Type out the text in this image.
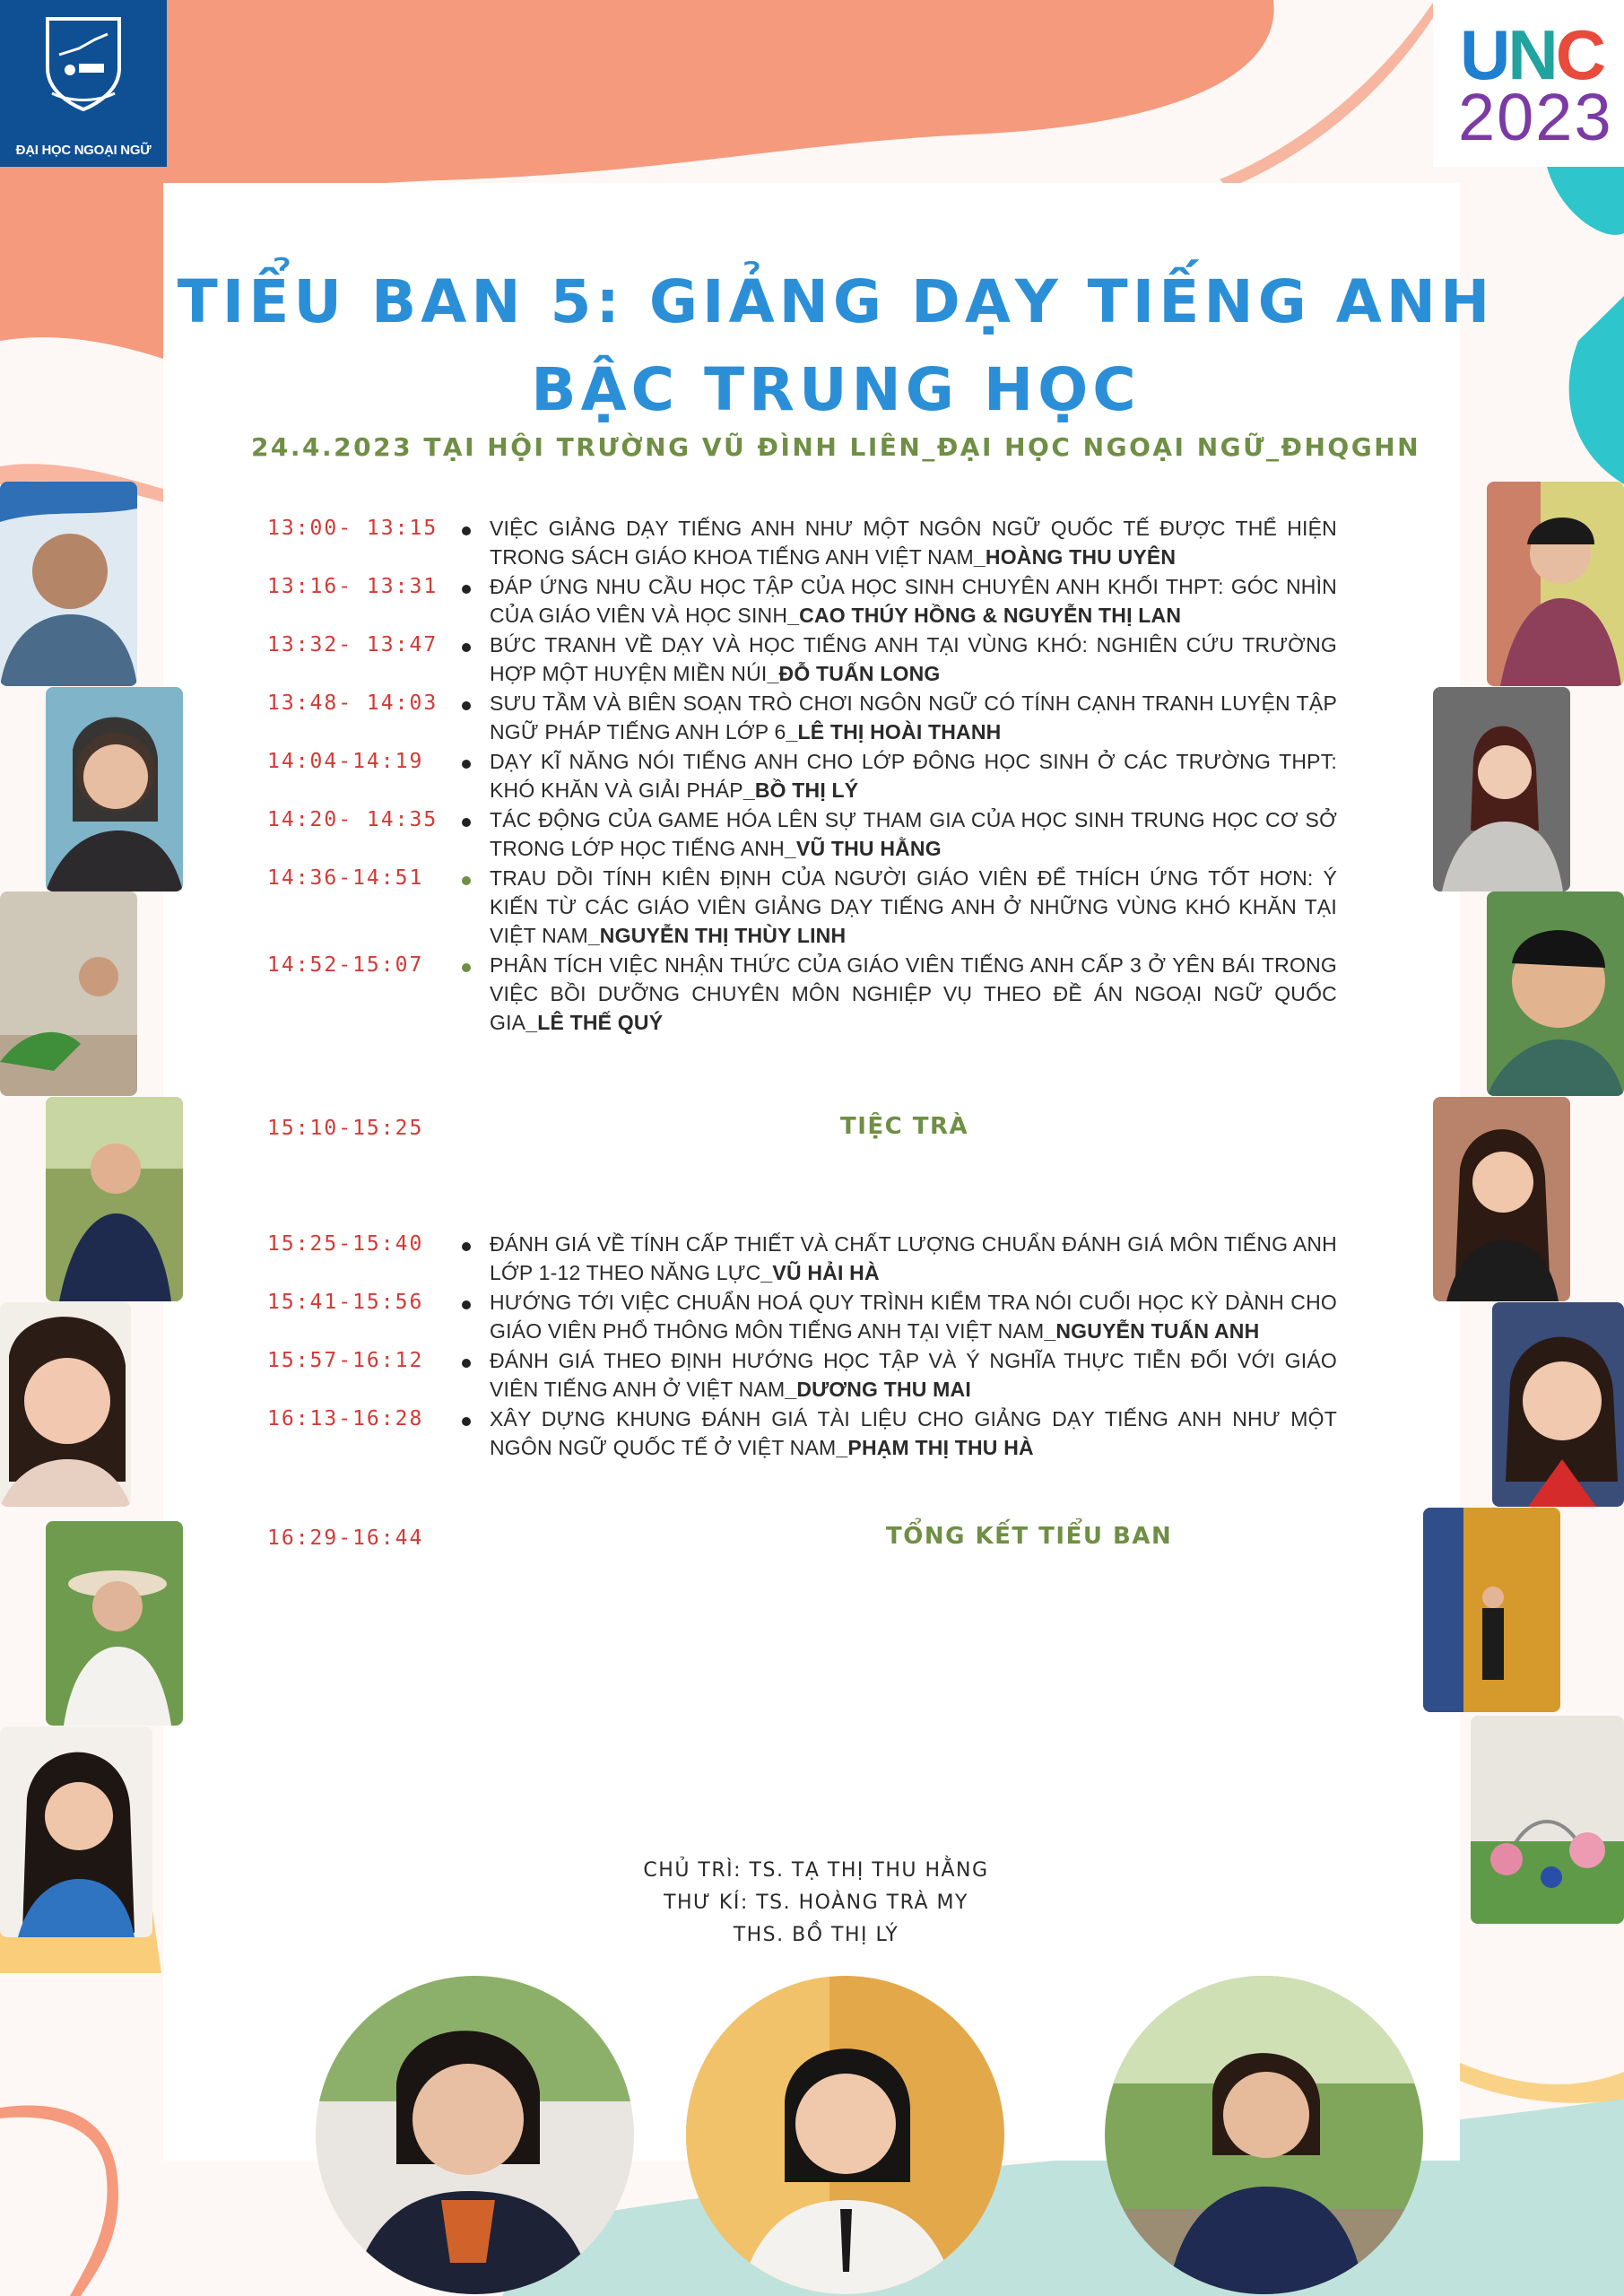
ĐẠI HỌC NGOẠI NGỮ
UNC
2023
TIỂU BAN 5: GIẢNG DẠY TIẾNG ANH
BẬC TRUNG HỌC
24.4.2023 TẠI HỘI TRƯỜNG VŨ ĐÌNH LIÊN_ĐẠI HỌC NGOẠI NGỮ_ĐHQGHN
13:00- 13:15	VIỆC GIẢNG DẠY TIẾNG ANH NHƯ MỘT NGÔN NGỮ QUỐC TẾ ĐƯỢC THỂ HIỆN TRONG SÁCH GIÁO KHOA TIẾNG ANH VIỆT NAM_HOÀNG THU UYÊN
13:16- 13:31	ĐÁP ỨNG NHU CẦU HỌC TẬP CỦA HỌC SINH CHUYÊN ANH KHỐI THPT: GÓC NHÌN CỦA GIÁO VIÊN VÀ HỌC SINH_CAO THÚY HỒNG & NGUYỄN THỊ LAN
13:32- 13:47	BỨC TRANH VỀ DẠY VÀ HỌC TIẾNG ANH TẠI VÙNG KHÓ: NGHIÊN CỨU TRƯỜNG HỢP MỘT HUYỆN MIỀN NÚI_ĐỖ TUẤN LONG
13:48- 14:03	SƯU TẦM VÀ BIÊN SOẠN TRÒ CHƠI NGÔN NGỮ CÓ TÍNH CẠNH TRANH LUYỆN TẬP NGỮ PHÁP TIẾNG ANH LỚP 6_LÊ THỊ HOÀI THANH
14:04-14:19	DẠY KĨ NĂNG NÓI TIẾNG ANH CHO LỚP ĐÔNG HỌC SINH Ở CÁC TRƯỜNG THPT: KHÓ KHĂN VÀ GIẢI PHÁP_BỒ THỊ LÝ
14:20- 14:35	TÁC ĐỘNG CỦA GAME HÓA LÊN SỰ THAM GIA CỦA HỌC SINH TRUNG HỌC CƠ SỞ TRONG LỚP HỌC TIẾNG ANH_VŨ THU HẰNG
14:36-14:51	TRAU DỒI TÍNH KIÊN ĐỊNH CỦA NGƯỜI GIÁO VIÊN ĐỂ THÍCH ỨNG TỐT HƠN: Ý KIẾN TỪ CÁC GIÁO VIÊN GIẢNG DẠY TIẾNG ANH Ở NHỮNG VÙNG KHÓ KHĂN TẠI VIỆT NAM_NGUYỄN THỊ THÙY LINH
14:52-15:07	PHÂN TÍCH VIỆC NHẬN THỨC CỦA GIÁO VIÊN TIẾNG ANH CẤP 3 Ở YÊN BÁI TRONG VIỆC BỒI DƯỠNG CHUYÊN MÔN NGHIỆP VỤ THEO ĐỀ ÁN NGOẠI NGỮ QUỐC GIA_LÊ THẾ QUÝ
15:10-15:25	TIỆC TRÀ
15:25-15:40	ĐÁNH GIÁ VỀ TÍNH CẤP THIẾT VÀ CHẤT LƯỢNG CHUẨN ĐÁNH GIÁ MÔN TIẾNG ANH LỚP 1-12 THEO NĂNG LỰC_VŨ HẢI HÀ
15:41-15:56	HƯỚNG TỚI VIỆC CHUẨN HOÁ QUY TRÌNH KIỂM TRA NÓI CUỐI HỌC KỲ DÀNH CHO GIÁO VIÊN PHỔ THÔNG MÔN TIẾNG ANH TẠI VIỆT NAM_NGUYỄN TUẤN ANH
15:57-16:12	ĐÁNH GIÁ THEO ĐỊNH HƯỚNG HỌC TẬP VÀ Ý NGHĨA THỰC TIỄN ĐỐI VỚI GIÁO VIÊN TIẾNG ANH Ở VIỆT NAM_DƯƠNG THU MAI
16:13-16:28	XÂY DỰNG KHUNG ĐÁNH GIÁ TÀI LIỆU CHO GIẢNG DẠY TIẾNG ANH NHƯ MỘT NGÔN NGỮ QUỐC TẾ Ở VIỆT NAM_PHẠM THỊ THU HÀ
16:29-16:44	TỔNG KẾT TIỂU BAN
CHỦ TRÌ: TS. TẠ THỊ THU HẰNG
THƯ KÍ: TS. HOÀNG TRÀ MY
THS. BỒ THỊ LÝ
